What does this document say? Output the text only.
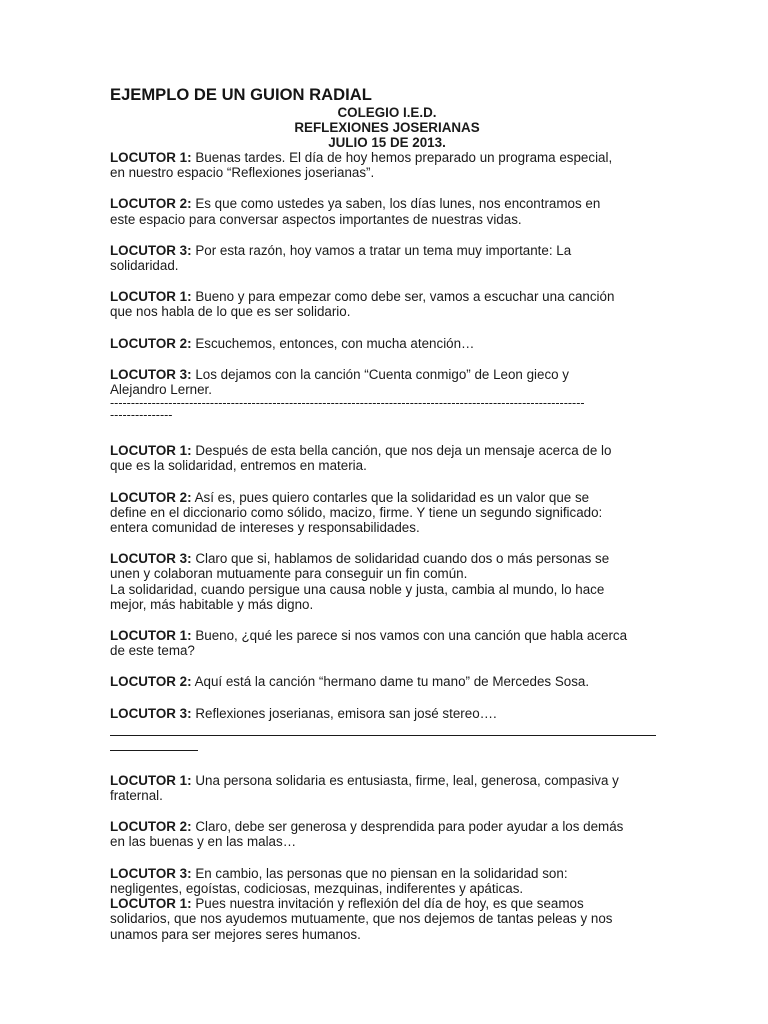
EJEMPLO DE UN GUION RADIAL
COLEGIO I.E.D.
REFLEXIONES JOSERIANAS
JULIO 15 DE 2013.
LOCUTOR 1: Buenas tardes. El día de hoy hemos preparado un programa especial,
en nuestro espacio “Reflexiones joserianas”.
LOCUTOR 2: Es que como ustedes ya saben, los días lunes, nos encontramos en
este espacio para conversar aspectos importantes de nuestras vidas.
LOCUTOR 3: Por esta razón, hoy vamos a tratar un tema muy importante: La
solidaridad.
LOCUTOR 1: Bueno y para empezar como debe ser, vamos a escuchar una canción
que nos habla de lo que es ser solidario.
LOCUTOR 2: Escuchemos, entonces, con mucha atención…
LOCUTOR 3: Los dejamos con la canción “Cuenta conmigo” de Leon gieco y
Alejandro Lerner.
------------------------------------------------------------------------------------------------------------------
---------------
LOCUTOR 1: Después de esta bella canción, que nos deja un mensaje acerca de lo
que es la solidaridad, entremos en materia.
LOCUTOR 2: Así es, pues quiero contarles que la solidaridad es un valor que se
define en el diccionario como sólido, macizo, firme. Y tiene un segundo significado:
entera comunidad de intereses y responsabilidades.
LOCUTOR 3: Claro que si, hablamos de solidaridad cuando dos o más personas se
unen y colaboran mutuamente para conseguir un fin común.
La solidaridad, cuando persigue una causa noble y justa, cambia al mundo, lo hace
mejor, más habitable y más digno.
LOCUTOR 1: Bueno, ¿qué les parece si nos vamos con una canción que habla acerca
de este tema?
LOCUTOR 2: Aquí está la canción “hermano dame tu mano” de Mercedes Sosa.
LOCUTOR 3: Reflexiones joserianas, emisora san josé stereo….
LOCUTOR 1: Una persona solidaria es entusiasta, firme, leal, generosa, compasiva y
fraternal.
LOCUTOR 2: Claro, debe ser generosa y desprendida para poder ayudar a los demás
en las buenas y en las malas…
LOCUTOR 3: En cambio, las personas que no piensan en la solidaridad son:
negligentes, egoístas, codiciosas, mezquinas, indiferentes y apáticas.
LOCUTOR 1: Pues nuestra invitación y reflexión del día de hoy, es que seamos
solidarios, que nos ayudemos mutuamente, que nos dejemos de tantas peleas y nos
unamos para ser mejores seres humanos.
